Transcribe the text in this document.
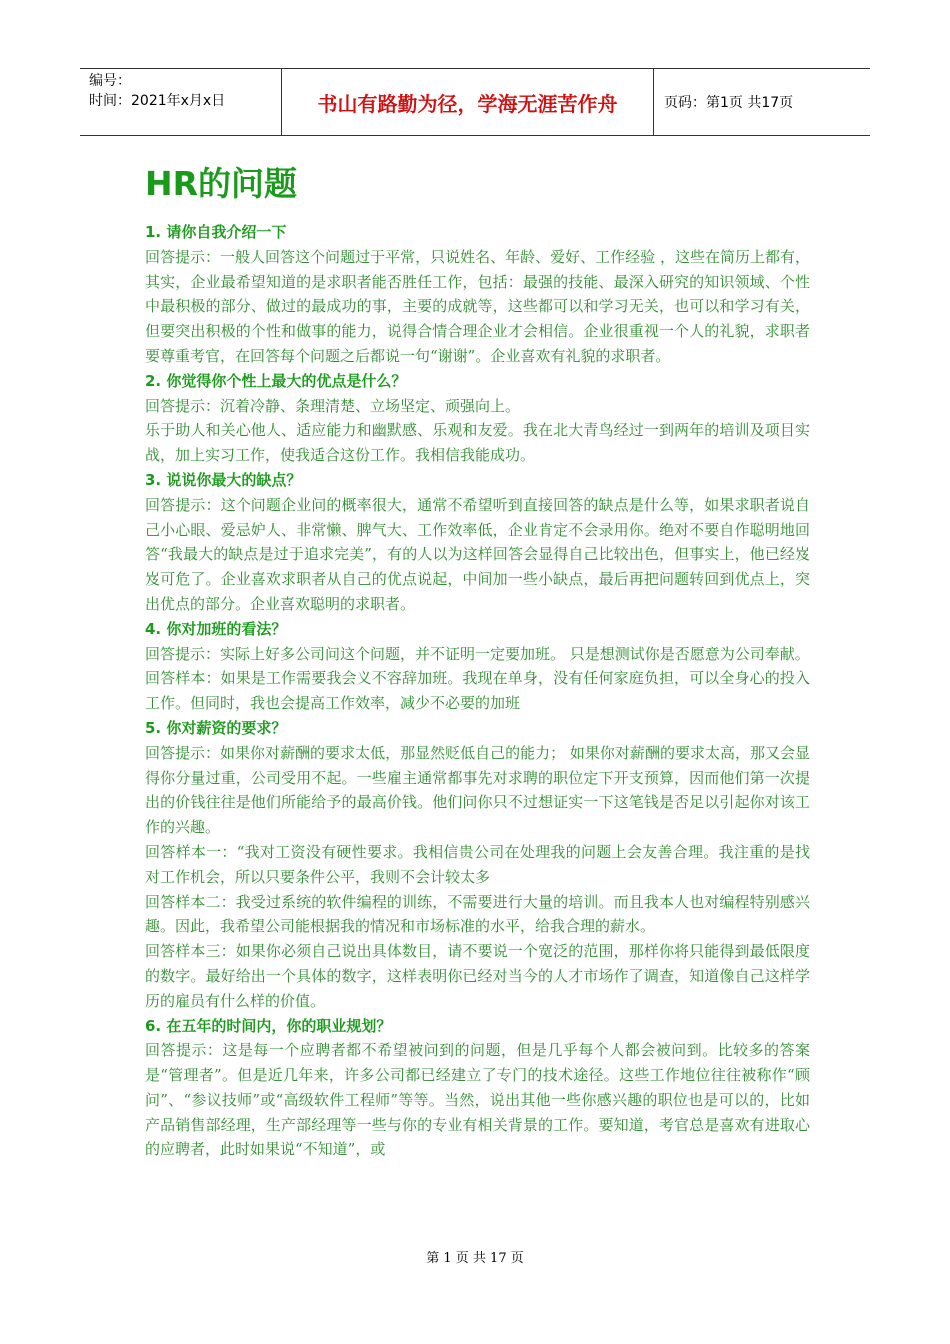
编号：
时间：2021年x月x日	书山有路勤为径，学海无涯苦作舟	页码：第1页 共17页
HR的问题
1. 请你自我介绍一下
回答提示：一般人回答这个问题过于平常，只说姓名、年龄、爱好、工作经验 ，这些在简历上都有，其实，企业最希望知道的是求职者能否胜任工作，包括：最强的技能、最深入研究的知识领域、个性中最积极的部分、做过的最成功的事，主要的成就等，这些都可以和学习无关，也可以和学习有关，但要突出积极的个性和做事的能力，说得合情合理企业才会相信。企业很重视一个人的礼貌，求职者要尊重考官，在回答每个问题之后都说一句“谢谢”。企业喜欢有礼貌的求职者。
2. 你觉得你个性上最大的优点是什么？
回答提示：沉着冷静、条理清楚、立场坚定、顽强向上。
乐于助人和关心他人、适应能力和幽默感、乐观和友爱。我在北大青鸟经过一到两年的培训及项目实战，加上实习工作，使我适合这份工作。我相信我能成功。
3. 说说你最大的缺点？
回答提示：这个问题企业问的概率很大，通常不希望听到直接回答的缺点是什么等，如果求职者说自己小心眼、爱忌妒人、非常懒、脾气大、工作效率低，企业肯定不会录用你。绝对不要自作聪明地回答“我最大的缺点是过于追求完美”，有的人以为这样回答会显得自己比较出色，但事实上，他已经岌岌可危了。企业喜欢求职者从自己的优点说起，中间加一些小缺点，最后再把问题转回到优点上，突出优点的部分。企业喜欢聪明的求职者。
4. 你对加班的看法？
回答提示：实际上好多公司问这个问题，并不证明一定要加班。 只是想测试你是否愿意为公司奉献。
回答样本：如果是工作需要我会义不容辞加班。我现在单身，没有任何家庭负担，可以全身心的投入工作。但同时，我也会提高工作效率，减少不必要的加班
5. 你对薪资的要求？
回答提示：如果你对薪酬的要求太低，那显然贬低自己的能力； 如果你对薪酬的要求太高，那又会显得你分量过重，公司受用不起。一些雇主通常都事先对求聘的职位定下开支预算，因而他们第一次提出的价钱往往是他们所能给予的最高价钱。他们问你只不过想证实一下这笔钱是否足以引起你对该工作的兴趣。
回答样本一：“我对工资没有硬性要求。我相信贵公司在处理我的问题上会友善合理。我注重的是找对工作机会，所以只要条件公平，我则不会计较太多
回答样本二：我受过系统的软件编程的训练，不需要进行大量的培训。而且我本人也对编程特别感兴趣。因此，我希望公司能根据我的情况和市场标准的水平，给我合理的薪水。
回答样本三：如果你必须自己说出具体数目，请不要说一个宽泛的范围，那样你将只能得到最低限度的数字。最好给出一个具体的数字，这样表明你已经对当今的人才市场作了调查，知道像自己这样学历的雇员有什么样的价值。
6. 在五年的时间内，你的职业规划？
回答提示：这是每一个应聘者都不希望被问到的问题，但是几乎每个人都会被问到。比较多的答案是“管理者”。但是近几年来，许多公司都已经建立了专门的技术途径。这些工作地位往往被称作“顾问”、“参议技师”或“高级软件工程师”等等。当然，说出其他一些你感兴趣的职位也是可以的，比如产品销售部经理，生产部经理等一些与你的专业有相关背景的工作。要知道，考官总是喜欢有进取心的应聘者，此时如果说“不知道”，或
第 1 页 共 17 页
